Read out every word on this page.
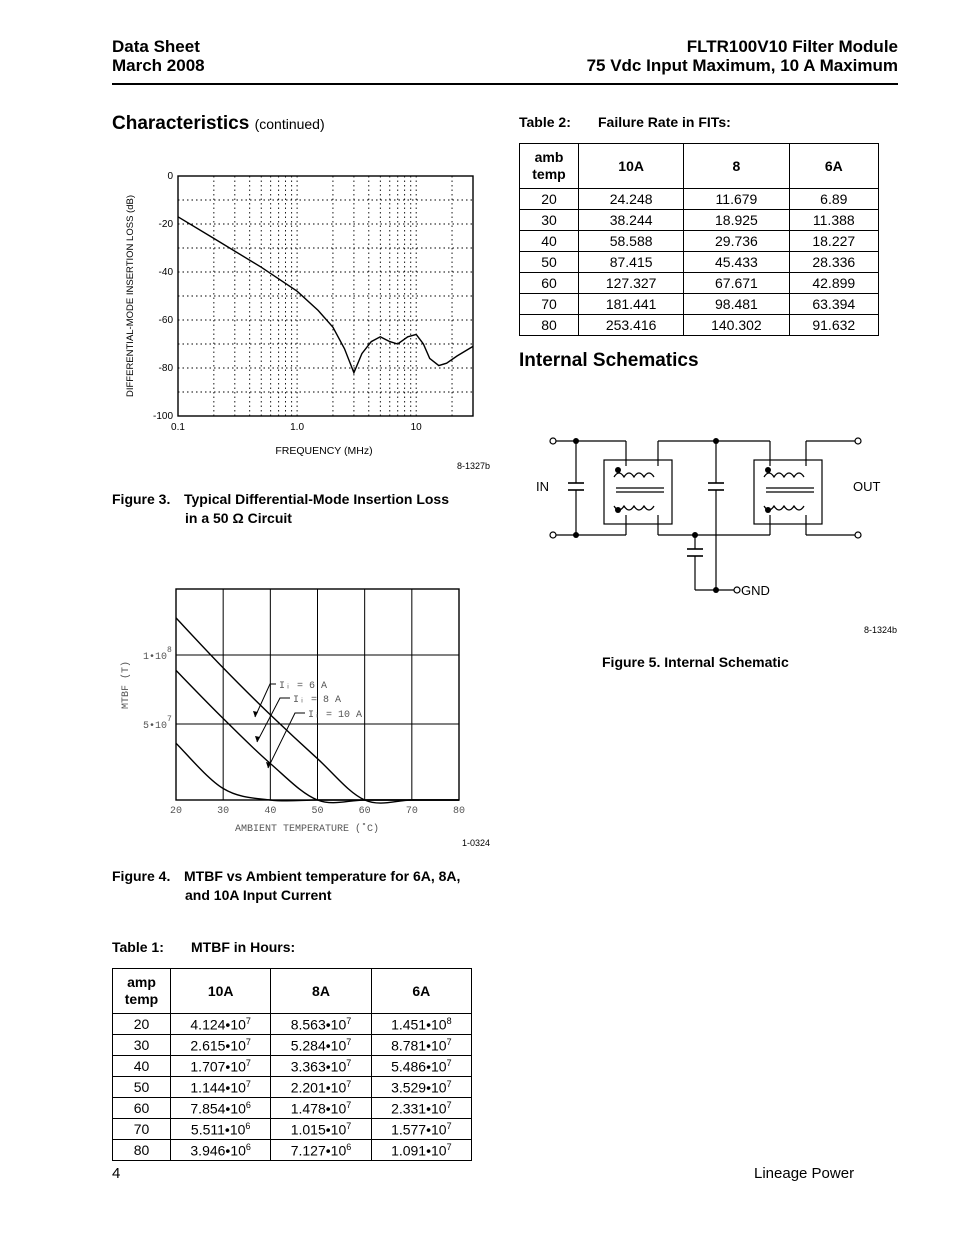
Data Sheet
March 2008
FLTR100V10 Filter Module
75 Vdc Input Maximum, 10 A Maximum
Characteristics (continued)
0
-20
-40
-60
-80
-100
0.1	1.0	10
DIFFERENTIAL-MODE INSERTION LOSS (dB)
FREQUENCY (MHz)
8-1327b
Figure 3. Typical Differential-Mode Insertion Loss
in a 50 Ω Circuit
20	30	40	50	60	70	80
1•10
8
5•10
7
Iᵢ = 6 A
Iᵢ = 8 A
Iᵢ = 10 A
MTBF (T)
AMBIENT TEMPERATURE (˚C)
1-0324
Figure 4. MTBF vs Ambient temperature for 6A, 8A,
and 10A Input Current
Table 1: MTBF in Hours:
amp
temp	10A	8A	6A
20	$4.124•10^7$	$8.563•10^7$	$1.451•10^8$
30	$2.615•10^7$	$5.284•10^7$	$8.781•10^7$
40	$1.707•10^7$	$3.363•10^7$	$5.486•10^7$
50	$1.144•10^7$	$2.201•10^7$	$3.529•10^7$
60	$7.854•10^6$	$1.478•10^7$	$2.331•10^7$
70	$5.511•10^6$	$1.015•10^7$	$1.577•10^7$
80	$3.946•10^6$	$7.127•10^6$	$1.091•10^7$
Table 2: Failure Rate in FITs:
amb
temp	10A	8	6A
20	24.248	11.679	6.89
30	38.244	18.925	11.388
40	58.588	29.736	18.227
50	87.415	45.433	28.336
60	127.327	67.671	42.899
70	181.441	98.481	63.394
80	253.416	140.302	91.632
Internal Schematics
IN	OUT
GND
8-1324b
Figure 5. Internal Schematic
4	Lineage Power
